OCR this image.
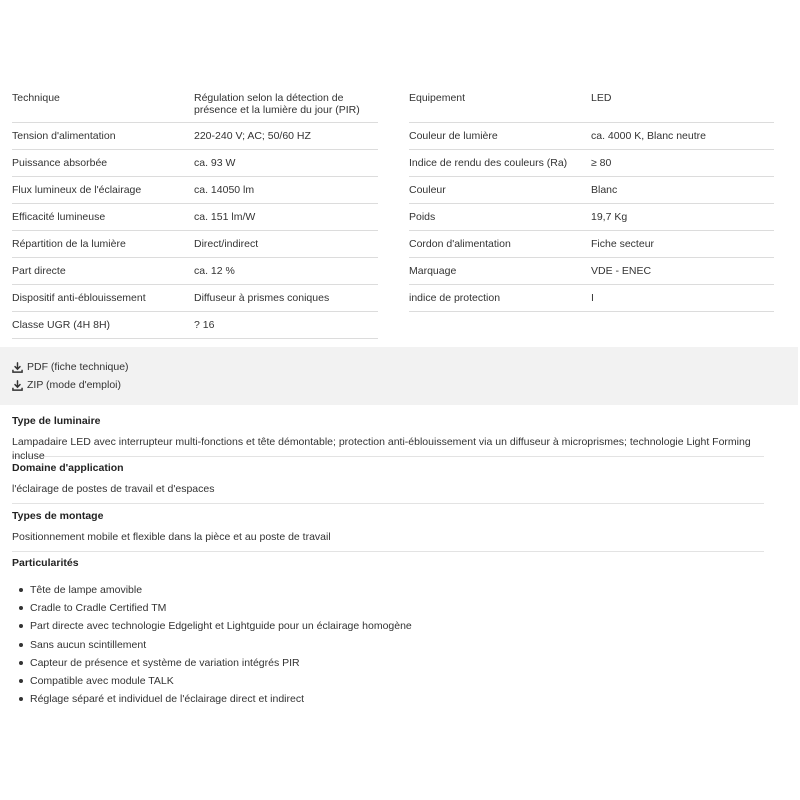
Technique	Régulation selon la détection de présence et la lumière du jour (PIR)
Tension d'alimentation	220-240 V; AC; 50/60 HZ
Puissance absorbée	ca. 93 W
Flux lumineux de l'éclairage	ca. 14050 lm
Efficacité lumineuse	ca. 151 lm/W
Répartition de la lumière	Direct/indirect
Part directe	ca. 12 %
Dispositif anti-éblouissement	Diffuseur à prismes coniques
Classe UGR (4H 8H)	? 16
Equipement	LED
Couleur de lumière	ca. 4000 K, Blanc neutre
Indice de rendu des couleurs (Ra) ≥ 80
Couleur	Blanc
Poids	19,7 Kg
Cordon d'alimentation	Fiche secteur
Marquage	VDE - ENEC
indice de protection	I
PDF (fiche technique)
ZIP (mode d'emploi)
Type de luminaire
Lampadaire LED avec interrupteur multi-fonctions et tête démontable; protection anti-éblouissement via un diffuseur à microprismes; technologie Light Forming incluse
Domaine d'application
l'éclairage de postes de travail et d'espaces
Types de montage
Positionnement mobile et flexible dans la pièce et au poste de travail
Particularités
Tête de lampe amovible
Cradle to Cradle Certified TM
Part directe avec technologie Edgelight et Lightguide pour un éclairage homogène
Sans aucun scintillement
Capteur de présence et système de variation intégrés PIR
Compatible avec module TALK
Réglage séparé et individuel de l'éclairage direct et indirect
